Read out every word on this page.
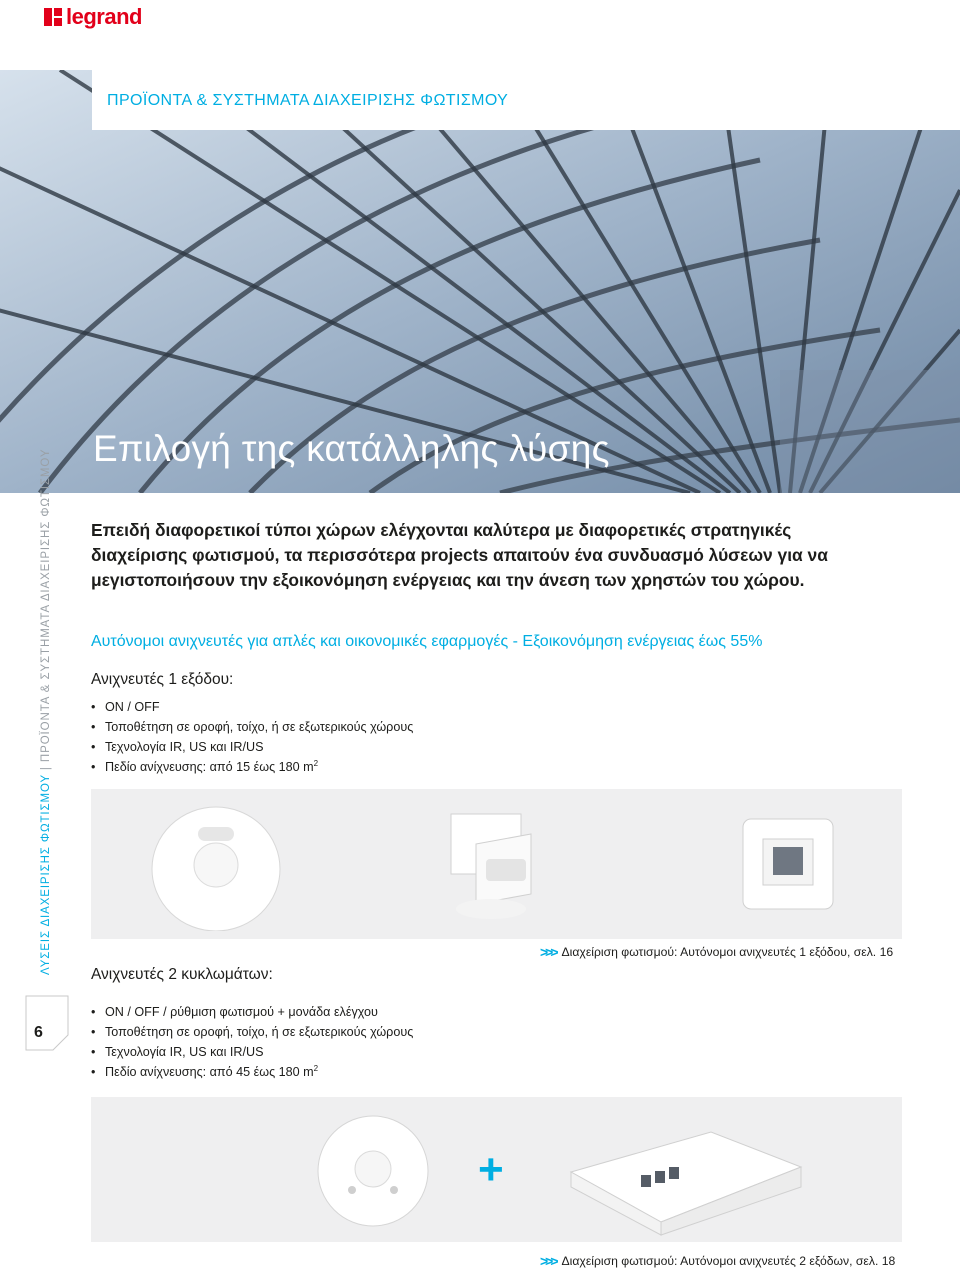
legrand
ΠΡΟΪΟΝΤΑ & ΣΥΣΤΗΜΑΤΑ ΔΙΑΧΕΙΡΙΣΗΣ ΦΩΤΙΣΜΟΥ
Επιλογή της κατάλληλης λύσης
ΛΥΣΕΙΣ ΔΙΑΧΕΙΡΙΣΗΣ ΦΩΤΙΣΜΟΥ | ΠΡΟΪΟΝΤΑ & ΣΥΣΤΗΜΑΤΑ ΔΙΑΧΕΙΡΙΣΗΣ ΦΩΤΙΣΜΟΥ
6
Επειδή διαφορετικοί τύποι χώρων ελέγχονται καλύτερα με διαφορετικές στρατηγικές
διαχείρισης φωτισμού, τα περισσότερα projects απαιτούν ένα συνδυασμό λύσεων για να
μεγιστοποιήσουν την εξοικονόμηση ενέργειας και την άνεση των χρηστών του χώρου.
Αυτόνομοι ανιχνευτές για απλές και οικονομικές εφαρμογές - Εξοικονόμηση ενέργειας έως 55%
Ανιχνευτές 1 εξόδου:
• ON / OFF
• Τοποθέτηση σε οροφή, τοίχο, ή σε εξωτερικούς χώρους
• Τεχνολογία IR, US και IR/US
• Πεδίο ανίχνευσης: από 15 έως 180 $m^2$
>>> Διαχείριση φωτισμού: Αυτόνομοι ανιχνευτές 1 εξόδου, σελ. 16
Ανιχνευτές 2 κυκλωμάτων:
• ON / OFF / ρύθμιση φωτισμού + μονάδα ελέγχου
• Τοποθέτηση σε οροφή, τοίχο, ή σε εξωτερικούς χώρους
• Τεχνολογία IR, US και IR/US
• Πεδίο ανίχνευσης: από 45 έως 180 $m^2$
+
>>> Διαχείριση φωτισμού: Αυτόνομοι ανιχνευτές 2 εξόδων, σελ. 18
